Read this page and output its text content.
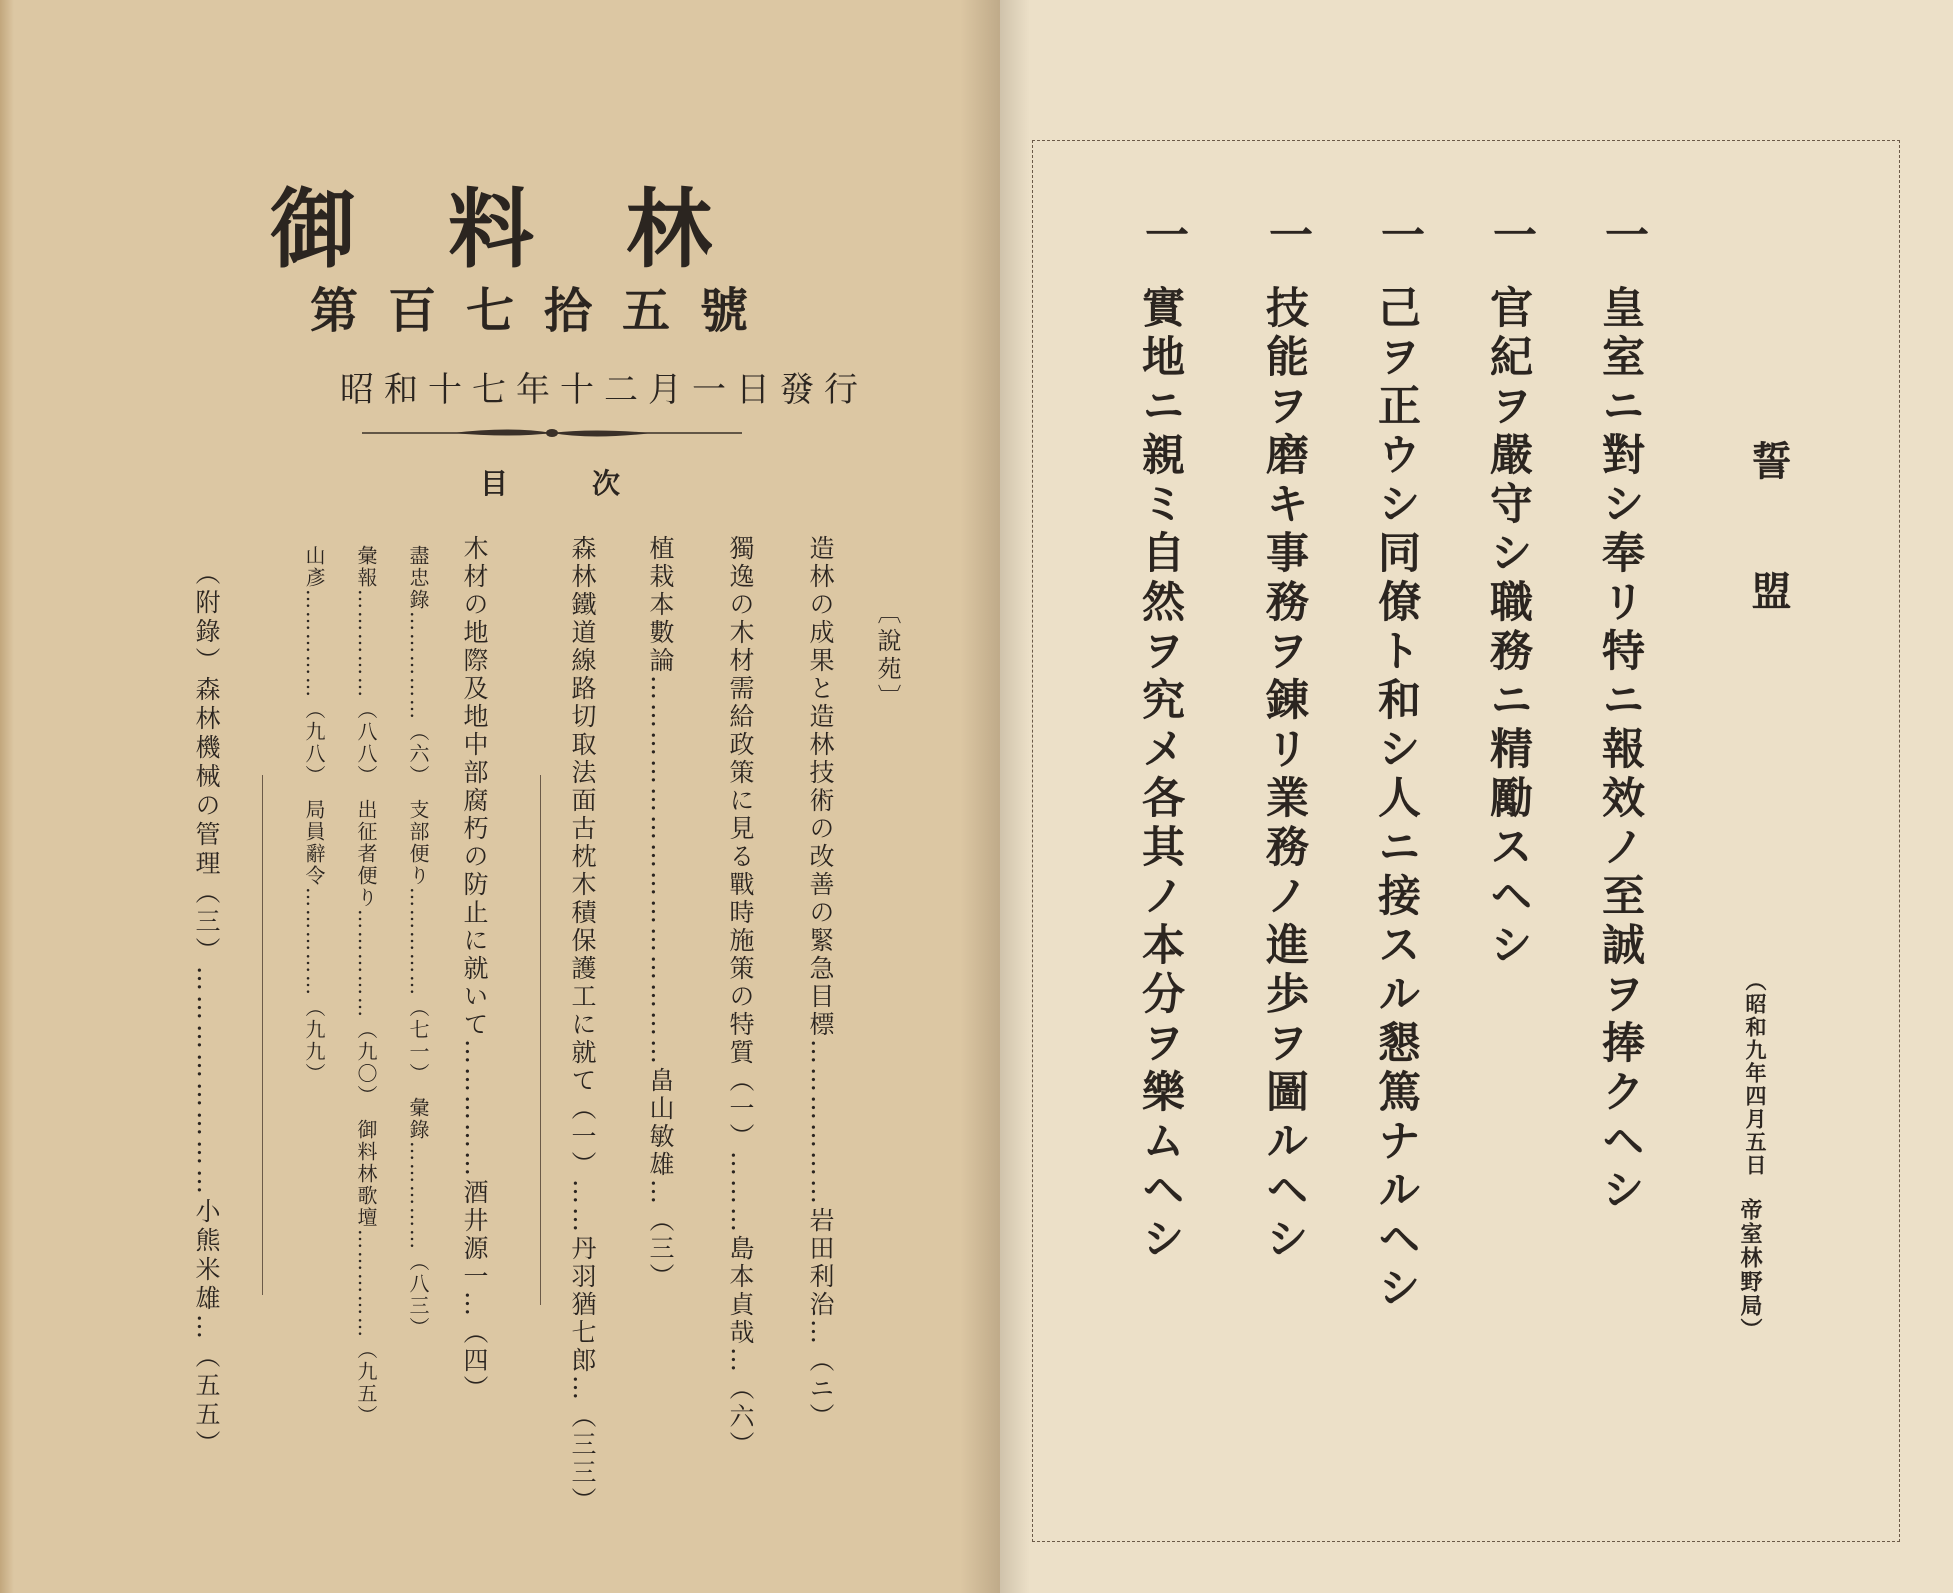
御料林
第百七拾五號
昭和十七年十二月一日發行
目次
〔說苑〕
造林の成果と造林技術の改善の緊急目標………………岩田利治…（ニ）
獨逸の木材需給政策に見る戰時施策の特質（一）………島本貞哉…（六）
植栽本數論……………………………………畠山敏雄…（三）
森林鐵道線路切取法面古枕木積保護工に就て（一）……丹羽猶七郎…（三三）
木材の地際及地中部腐朽の防止に就いて……………酒井源一…（四）
盡忠錄……………（六）　支部便り……………（七一）　彙錄……………（八三）
彙報……………（八八）　出征者便り……………（九〇）　御料林歌壇……………（九五）
山彥……………（九八）　局員辭令……………（九九）
（附錄）森林機械の管理（三）……………………小熊米雄…（五五）	誓盟
一
皇室ニ對シ奉リ特ニ報效ノ至誠ヲ捧クヘシ
一
官紀ヲ嚴守シ職務ニ精勵スヘシ
一
己ヲ正ウシ同僚ト和シ人ニ接スル懇篤ナルヘシ
一
技能ヲ磨キ事務ヲ錬リ業務ノ進歩ヲ圖ルヘシ
一
實地ニ親ミ自然ヲ究メ各其ノ本分ヲ樂ムヘシ	（昭和九年四月五日
帝室林野局）
